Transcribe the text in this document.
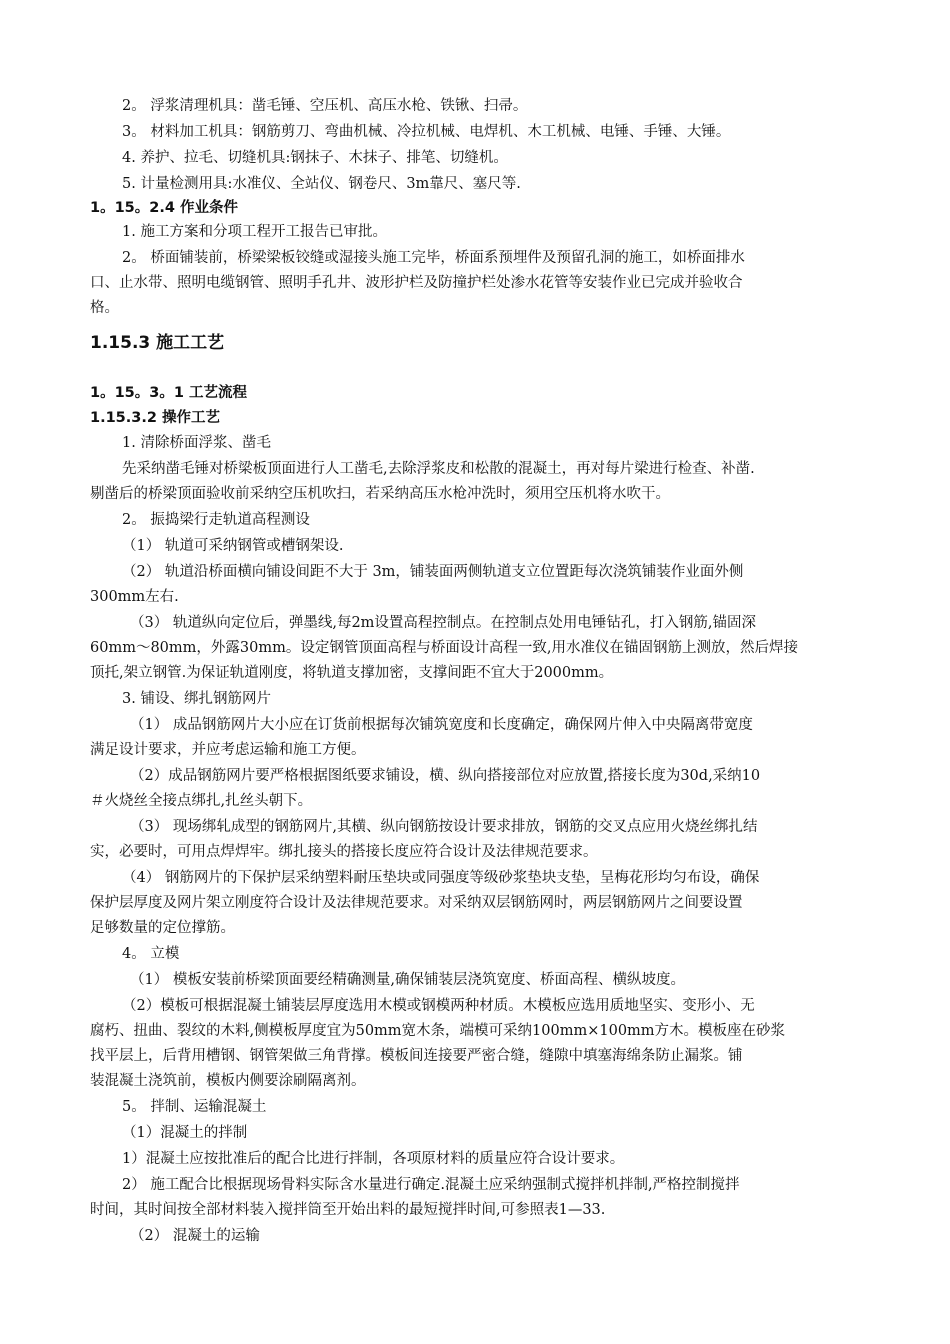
2。 浮浆清理机具：凿毛锤、空压机、高压水枪、铁锹、扫帚。
3。 材料加工机具：钢筋剪刀、弯曲机械、冷拉机械、电焊机、木工机械、电锤、手锤、大锤。
4. 养护、拉毛、切缝机具:钢抹子、木抹子、排笔、切缝机。
5. 计量检测用具:水准仪、全站仪、钢卷尺、3m靠尺、塞尺等.
1。15。2.4 作业条件
1. 施工方案和分项工程开工报告已审批。
2。 桥面铺装前，桥梁梁板铰缝或湿接头施工完毕，桥面系预埋件及预留孔洞的施工，如桥面排水
口、止水带、照明电缆钢管、照明手孔井、波形护栏及防撞护栏处渗水花管等安装作业已完成并验收合
格。
1.15.3 施工工艺
1。15。3。1 工艺流程
1.15.3.2 操作工艺
1. 清除桥面浮浆、凿毛
先采纳凿毛锤对桥梁板顶面进行人工凿毛,去除浮浆皮和松散的混凝土，再对每片梁进行检查、补凿.
剔凿后的桥梁顶面验收前采纳空压机吹扫，若采纳高压水枪冲洗时，须用空压机将水吹干。
2。 振捣梁行走轨道高程测设
（1） 轨道可采纳钢管或槽钢架设.
（2） 轨道沿桥面横向铺设间距不大于 3m，铺装面两侧轨道支立位置距每次浇筑铺装作业面外侧
300mm左右.
（3） 轨道纵向定位后，弹墨线,每2m设置高程控制点。在控制点处用电锤钻孔，打入钢筋,锚固深
60mm～80mm，外露30mm。设定钢管顶面高程与桥面设计高程一致,用水准仪在锚固钢筋上测放，然后焊接
顶托,架立钢管.为保证轨道刚度，将轨道支撑加密，支撑间距不宜大于2000mm。
3. 铺设、绑扎钢筋网片
（1） 成品钢筋网片大小应在订货前根据每次铺筑宽度和长度确定，确保网片伸入中央隔离带宽度
满足设计要求，并应考虑运输和施工方便。
（2）成品钢筋网片要严格根据图纸要求铺设，横、纵向搭接部位对应放置,搭接长度为30d,采纳10
＃火烧丝全接点绑扎,扎丝头朝下。
（3） 现场绑轧成型的钢筋网片,其横、纵向钢筋按设计要求排放，钢筋的交叉点应用火烧丝绑扎结
实，必要时，可用点焊焊牢。绑扎接头的搭接长度应符合设计及法律规范要求。
（4） 钢筋网片的下保护层采纳塑料耐压垫块或同强度等级砂浆垫块支垫，呈梅花形均匀布设，确保
保护层厚度及网片架立刚度符合设计及法律规范要求。对采纳双层钢筋网时，两层钢筋网片之间要设置
足够数量的定位撑筋。
4。 立模
（1） 模板安装前桥梁顶面要经精确测量,确保铺装层浇筑宽度、桥面高程、横纵坡度。
（2）模板可根据混凝土铺装层厚度选用木模或钢模两种材质。木模板应选用质地坚实、变形小、无
腐朽、扭曲、裂纹的木料,侧模板厚度宜为50mm宽木条，端模可采纳100mm×100mm方木。模板座在砂浆
找平层上，后背用槽钢、钢管架做三角背撑。模板间连接要严密合缝，缝隙中填塞海绵条防止漏浆。铺
装混凝土浇筑前，模板内侧要涂刷隔离剂。
5。 拌制、运输混凝土
（1）混凝土的拌制
1）混凝土应按批准后的配合比进行拌制，各项原材料的质量应符合设计要求。
2） 施工配合比根据现场骨料实际含水量进行确定.混凝土应采纳强制式搅拌机拌制,严格控制搅拌
时间，其时间按全部材料装入搅拌筒至开始出料的最短搅拌时间,可参照表1—33.
（2） 混凝土的运输
